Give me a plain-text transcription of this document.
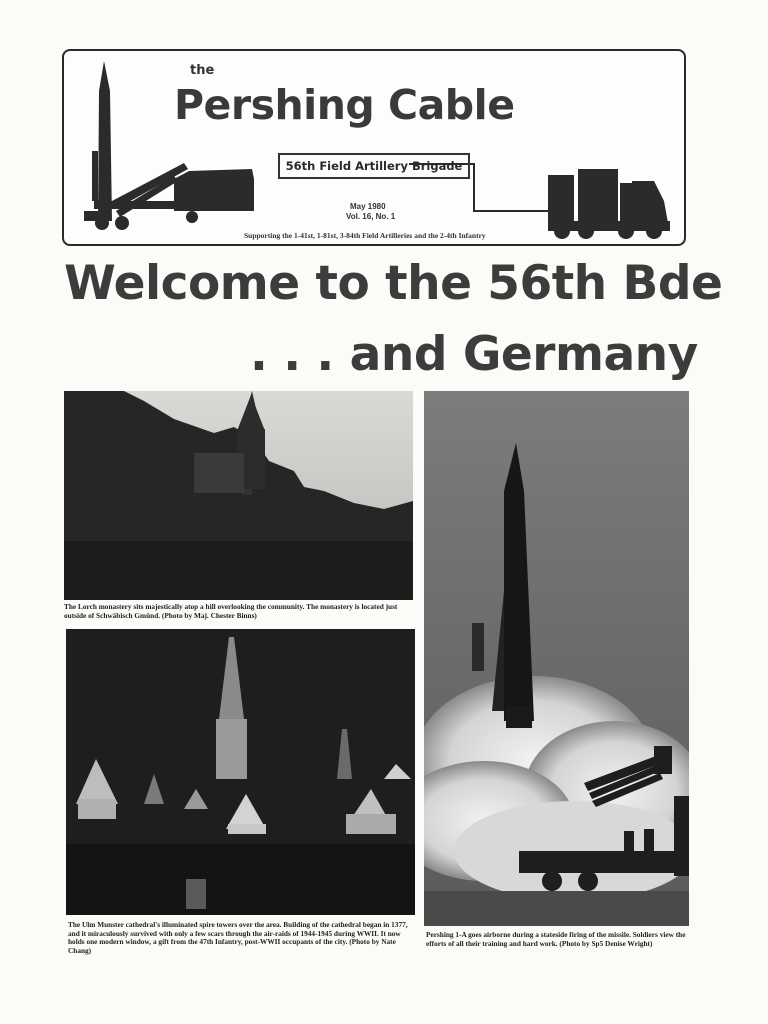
the
Pershing Cable
56th Field Artillery Brigade
May 1980
Vol. 16, No. 1
Supporting the 1-41st, 1-81st, 3-84th Field Artilleries and the 2-4th Infantry
Welcome to the 56th Bde
. . . and Germany
The Lorch monastery sits majestically atop a hill overlooking the community. The monastery is located just outside of Schwäbisch Gmünd. (Photo by Maj. Chester Binns)
The Ulm Munster cathedral's illuminated spire towers over the area. Building of the cathedral began in 1377, and it miraculously survived with only a few scars through the air-raids of 1944-1945 during WWII. It now holds one modern window, a gift from the 47th Infantry, post-WWII occupants of the city. (Photo by Nate Chang)
Pershing 1-A goes airborne during a stateside firing of the missile. Soldiers view the efforts of all their training and hard work. (Photo by Sp5 Denise Wright)
